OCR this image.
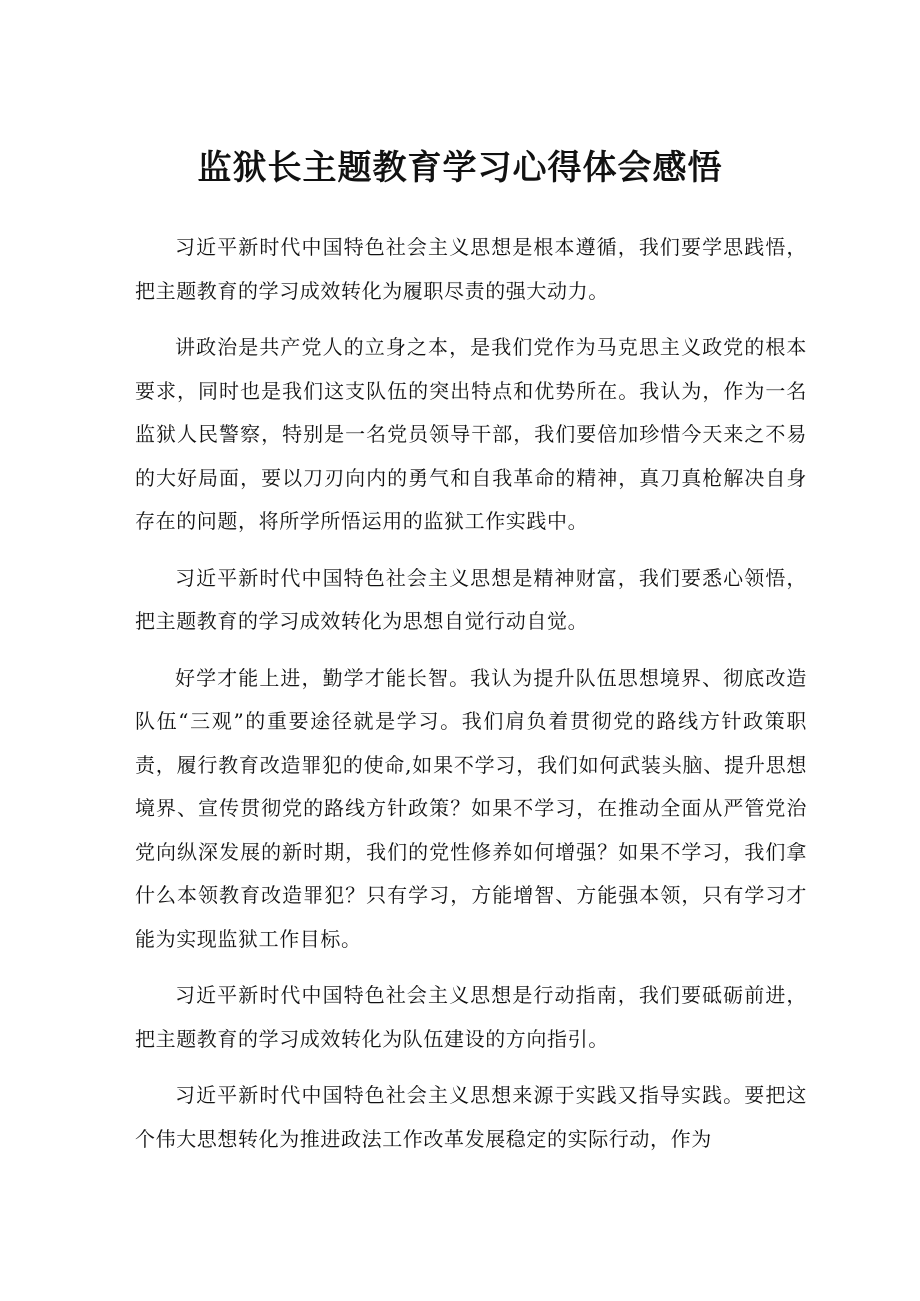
监狱长主题教育学习心得体会感悟

习近平新时代中国特色社会主义思想是根本遵循，我们要学思践悟，把主题教育的学习成效转化为履职尽责的强大动力。

讲政治是共产党人的立身之本，是我们党作为马克思主义政党的根本要求，同时也是我们这支队伍的突出特点和优势所在。我认为，作为一名监狱人民警察，特别是一名党员领导干部，我们要倍加珍惜今天来之不易的大好局面，要以刀刃向内的勇气和自我革命的精神，真刀真枪解决自身存在的问题，将所学所悟运用的监狱工作实践中。

习近平新时代中国特色社会主义思想是精神财富，我们要悉心领悟，把主题教育的学习成效转化为思想自觉行动自觉。

好学才能上进，勤学才能长智。我认为提升队伍思想境界、彻底改造队伍“三观”的重要途径就是学习。我们肩负着贯彻党的路线方针政策职责，履行教育改造罪犯的使命,如果不学习，我们如何武装头脑、提升思想境界、宣传贯彻党的路线方针政策？如果不学习，在推动全面从严管党治党向纵深发展的新时期，我们的党性修养如何增强？如果不学习，我们拿什么本领教育改造罪犯？只有学习，方能增智、方能强本领，只有学习才能为实现监狱工作目标。

习近平新时代中国特色社会主义思想是行动指南，我们要砥砺前进，把主题教育的学习成效转化为队伍建设的方向指引。

习近平新时代中国特色社会主义思想来源于实践又指导实践。要把这个伟大思想转化为推进政法工作改革发展稳定的实际行动，作为
